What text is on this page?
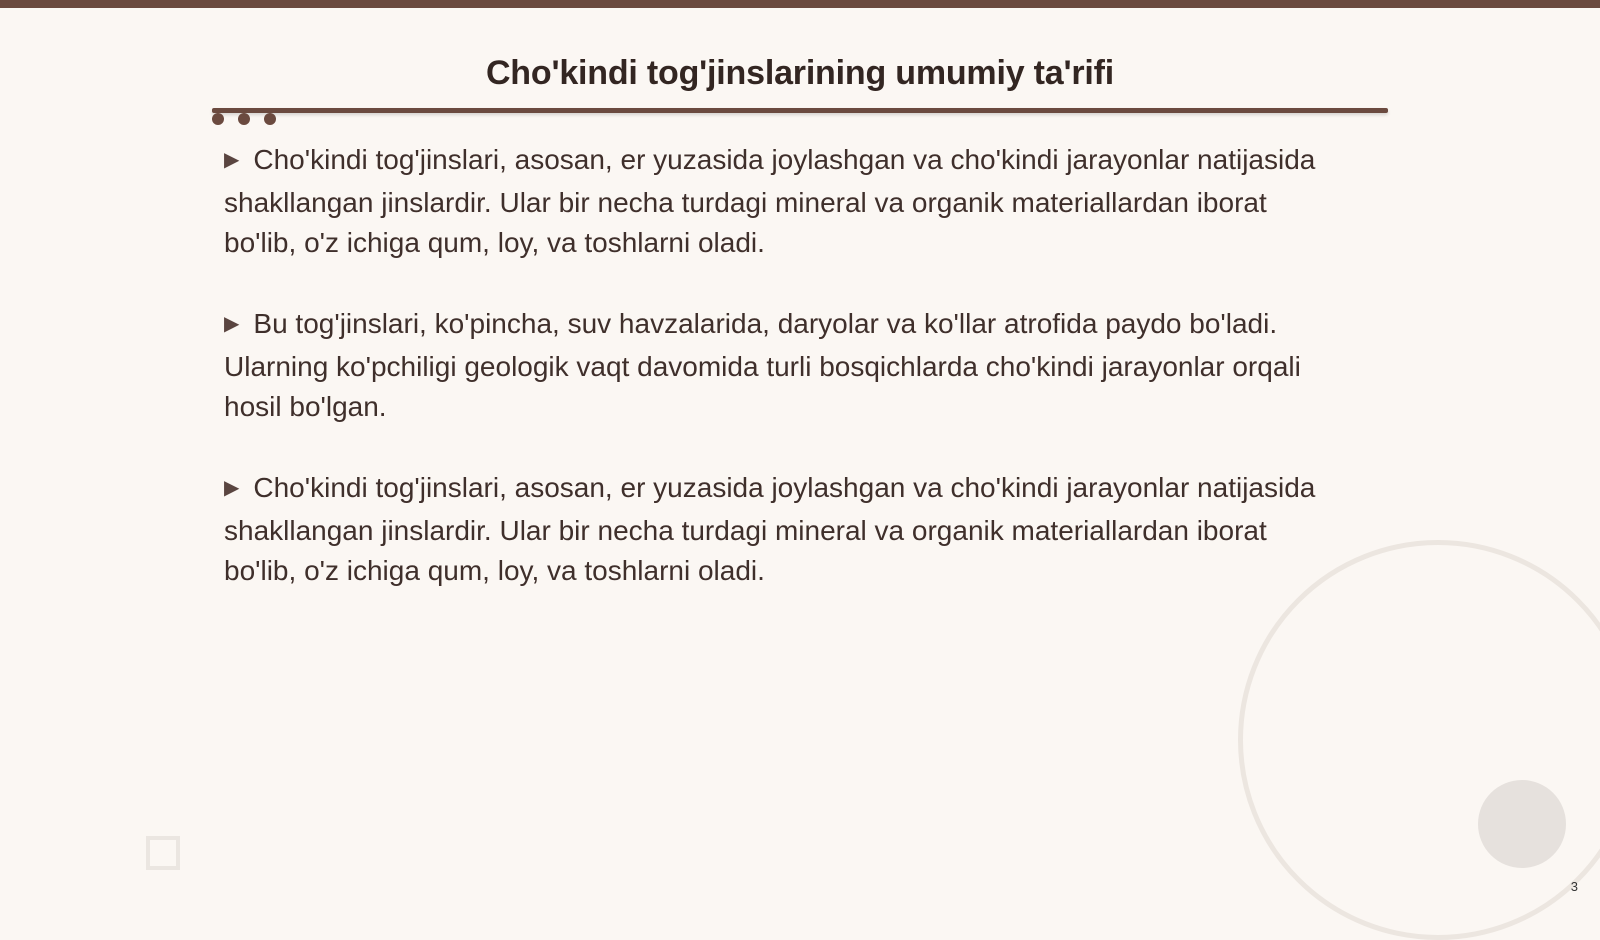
Cho'kindi tog'jinslarining umumiy ta'rifi

▶ Cho'kindi tog'jinslari, asosan, er yuzasida joylashgan va cho'kindi jarayonlar natijasida shakllangan jinslardir. Ular bir necha turdagi mineral va organik materiallardan iborat bo'lib, o'z ichiga qum, loy, va toshlarni oladi.

▶ Bu tog'jinslari, ko'pincha, suv havzalarida, daryolar va ko'llar atrofida paydo bo'ladi. Ularning ko'pchiligi geologik vaqt davomida turli bosqichlarda cho'kindi jarayonlar orqali hosil bo'lgan.

▶ Cho'kindi tog'jinslari, asosan, er yuzasida joylashgan va cho'kindi jarayonlar natijasida shakllangan jinslardir. Ular bir necha turdagi mineral va organik materiallardan iborat bo'lib, o'z ichiga qum, loy, va toshlarni oladi.

3
